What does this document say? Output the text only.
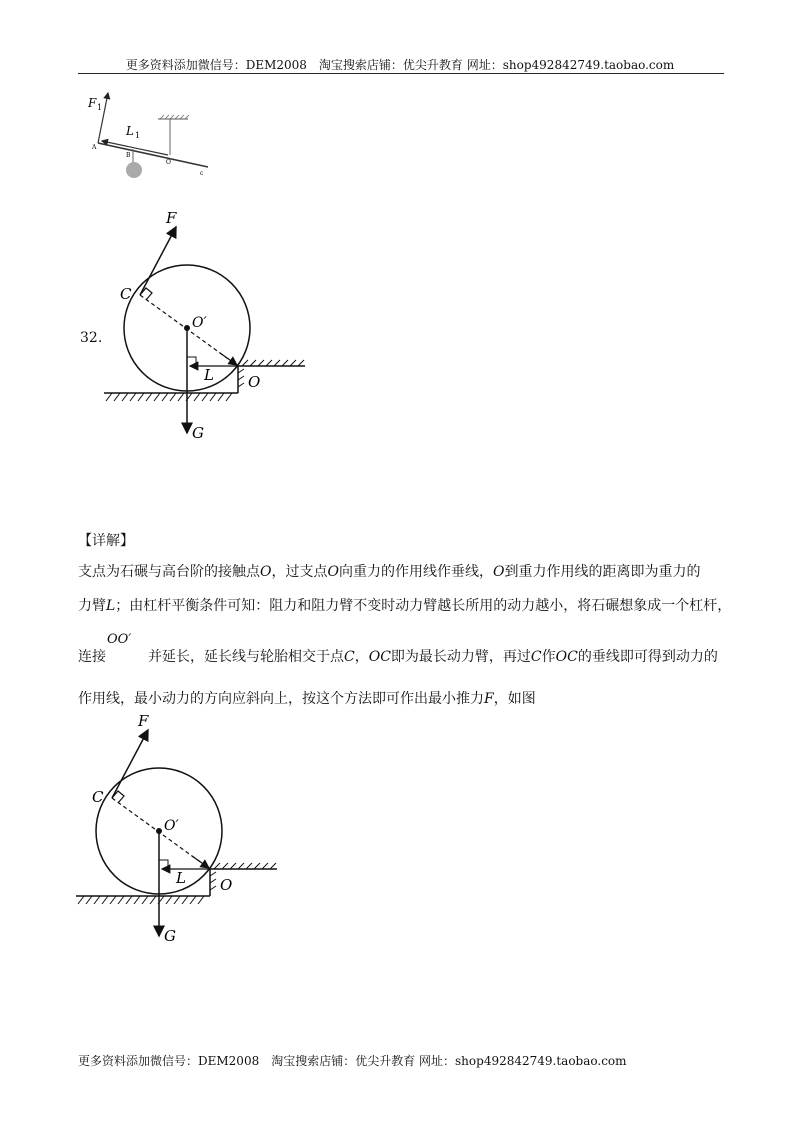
更多资料添加微信号：DEM2008　淘宝搜索店铺：优尖升教育 网址：shop492842749.taobao.com
F 1
L 1
A
B
O
c
32.
F
C
O′
L O
G
【详解】
支点为石碾与高台阶的接触点O，过支点O向重力的作用线作垂线，O到重力作用线的距离即为重力的
力臂L；由杠杆平衡条件可知：阻力和阻力臂不变时动力臂越长所用的动力越小，将石碾想象成一个杠杆，
OO′
连接	并延长，延长线与轮胎相交于点C，OC即为最长动力臂，再过C作OC的垂线即可得到动力的
作用线，最小动力的方向应斜向上，按这个方法即可作出最小推力F，如图
F
C
O′
L O
G
更多资料添加微信号：DEM2008　淘宝搜索店铺：优尖升教育 网址：shop492842749.taobao.com
